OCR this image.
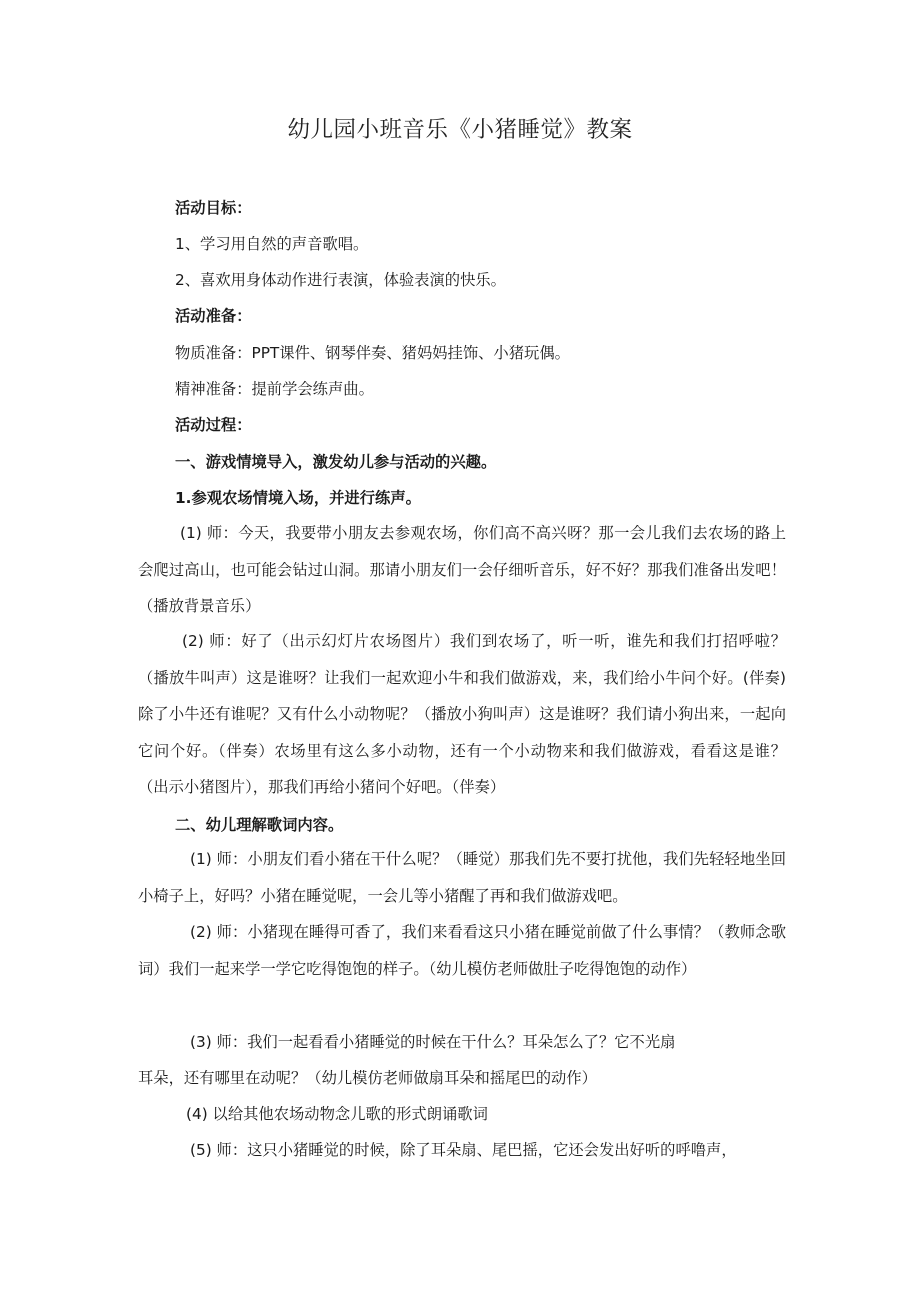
幼儿园小班音乐《小猪睡觉》教案
活动目标：
1、学习用自然的声音歌唱。
2、喜欢用身体动作进行表演，体验表演的快乐。
活动准备：
物质准备：PPT课件、钢琴伴奏、猪妈妈挂饰、小猪玩偶。
精神准备：提前学会练声曲。
活动过程：
一、游戏情境导入，激发幼儿参与活动的兴趣。
1.参观农场情境入场，并进行练声。
(1) 师：今天，我要带小朋友去参观农场，你们高不高兴呀？那一会儿我们去农场的路上会爬过高山，也可能会钻过山洞。那请小朋友们一会仔细听音乐，好不好？那我们准备出发吧！（播放背景音乐）
(2) 师：好了（出示幻灯片农场图片）我们到农场了，听一听，谁先和我们打招呼啦？（播放牛叫声）这是谁呀？让我们一起欢迎小牛和我们做游戏，来，我们给小牛问个好。(伴奏)除了小牛还有谁呢？又有什么小动物呢？（播放小狗叫声）这是谁呀？我们请小狗出来，一起向它问个好。（伴奏）农场里有这么多小动物，还有一个小动物来和我们做游戏，看看这是谁？（出示小猪图片），那我们再给小猪问个好吧。（伴奏）
二、幼儿理解歌词内容。
(1) 师：小朋友们看小猪在干什么呢？（睡觉）那我们先不要打扰他，我们先轻轻地坐回小椅子上，好吗？小猪在睡觉呢，一会儿等小猪醒了再和我们做游戏吧。
(2) 师：小猪现在睡得可香了，我们来看看这只小猪在睡觉前做了什么事情？（教师念歌词）我们一起来学一学它吃得饱饱的样子。（幼儿模仿老师做肚子吃得饱饱的动作）
(3) 师：我们一起看看小猪睡觉的时候在干什么？耳朵怎么了？它不光扇
耳朵，还有哪里在动呢？（幼儿模仿老师做扇耳朵和摇尾巴的动作）
(4) 以给其他农场动物念儿歌的形式朗诵歌词
(5) 师：这只小猪睡觉的时候，除了耳朵扇、尾巴摇，它还会发出好听的呼噜声，
